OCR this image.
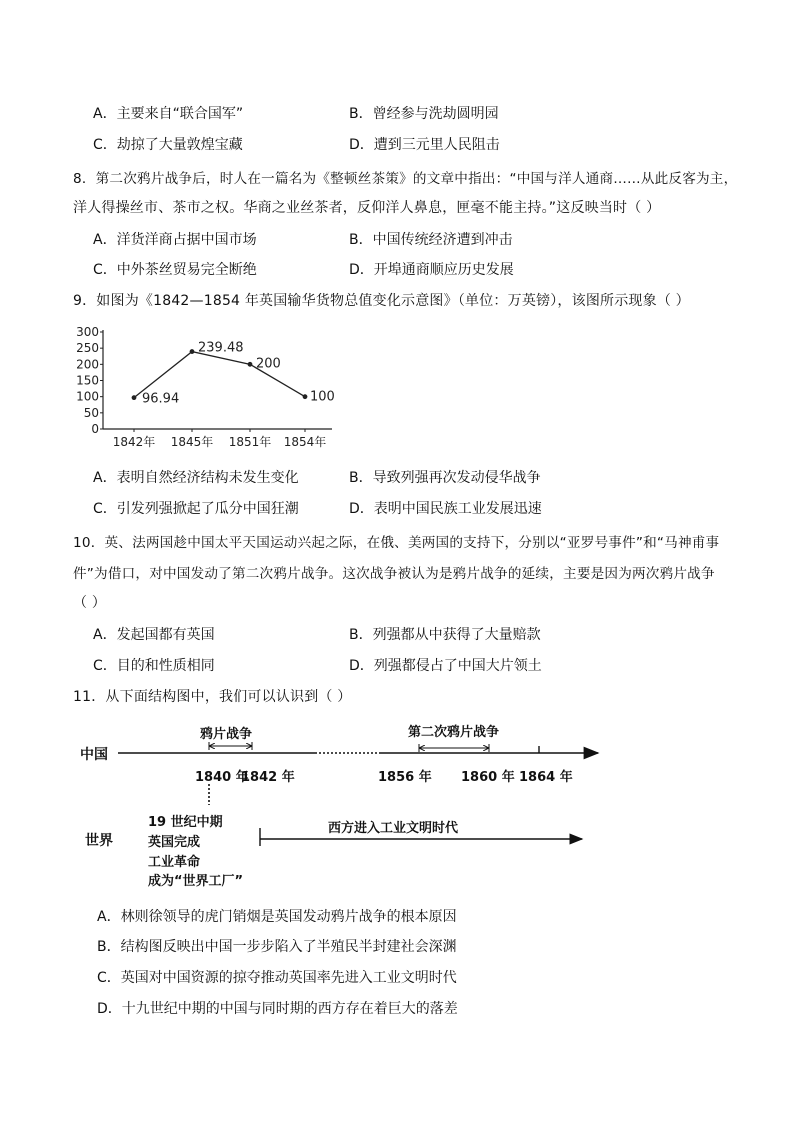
A．主要来自“联合国军”	B．曾经参与洗劫圆明园
C．劫掠了大量敦煌宝藏	D．遭到三元里人民阻击
8．第二次鸦片战争后，时人在一篇名为《整顿丝茶策》的文章中指出：“中国与洋人通商……从此反客为主，
洋人得操丝市、茶市之权。华商之业丝茶者，反仰洋人鼻息，匣毫不能主持。”这反映当时（ ）
A．洋货洋商占据中国市场	B．中国传统经济遭到冲击
C．中外茶丝贸易完全断绝	D．开埠通商顺应历史发展
9．如图为《1842—1854 年英国输华货物总值变化示意图》（单位：万英镑），该图所示现象（ ）
0
50
100
150
200
250
300
1842年 1845年 1851年 1854年
96.94
239.48
200
100
A．表明自然经济结构未发生变化	B．导致列强再次发动侵华战争
C．引发列强掀起了瓜分中国狂潮	D．表明中国民族工业发展迅速
10．英、法两国趁中国太平天国运动兴起之际，在俄、美两国的支持下，分别以“亚罗号事件”和“马神甫事
件”为借口，对中国发动了第二次鸦片战争。这次战争被认为是鸦片战争的延续，主要是因为两次鸦片战争
（ ）
A．发起国都有英国	B．列强都从中获得了大量赔款
C．目的和性质相同	D．列强都侵占了中国大片领土
11．从下面结构图中，我们可以认识到（ ）
中国
鸦片战争	第二次鸦片战争
1840 年
1842 年	1856 年 1860 年 1864 年
世界
19 世纪中期
英国完成
工业革命
成为“世界工厂”
西方进入工业文明时代
A．林则徐领导的虎门销烟是英国发动鸦片战争的根本原因
B．结构图反映出中国一步步陷入了半殖民半封建社会深渊
C．英国对中国资源的掠夺推动英国率先进入工业文明时代
D．十九世纪中期的中国与同时期的西方存在着巨大的落差
